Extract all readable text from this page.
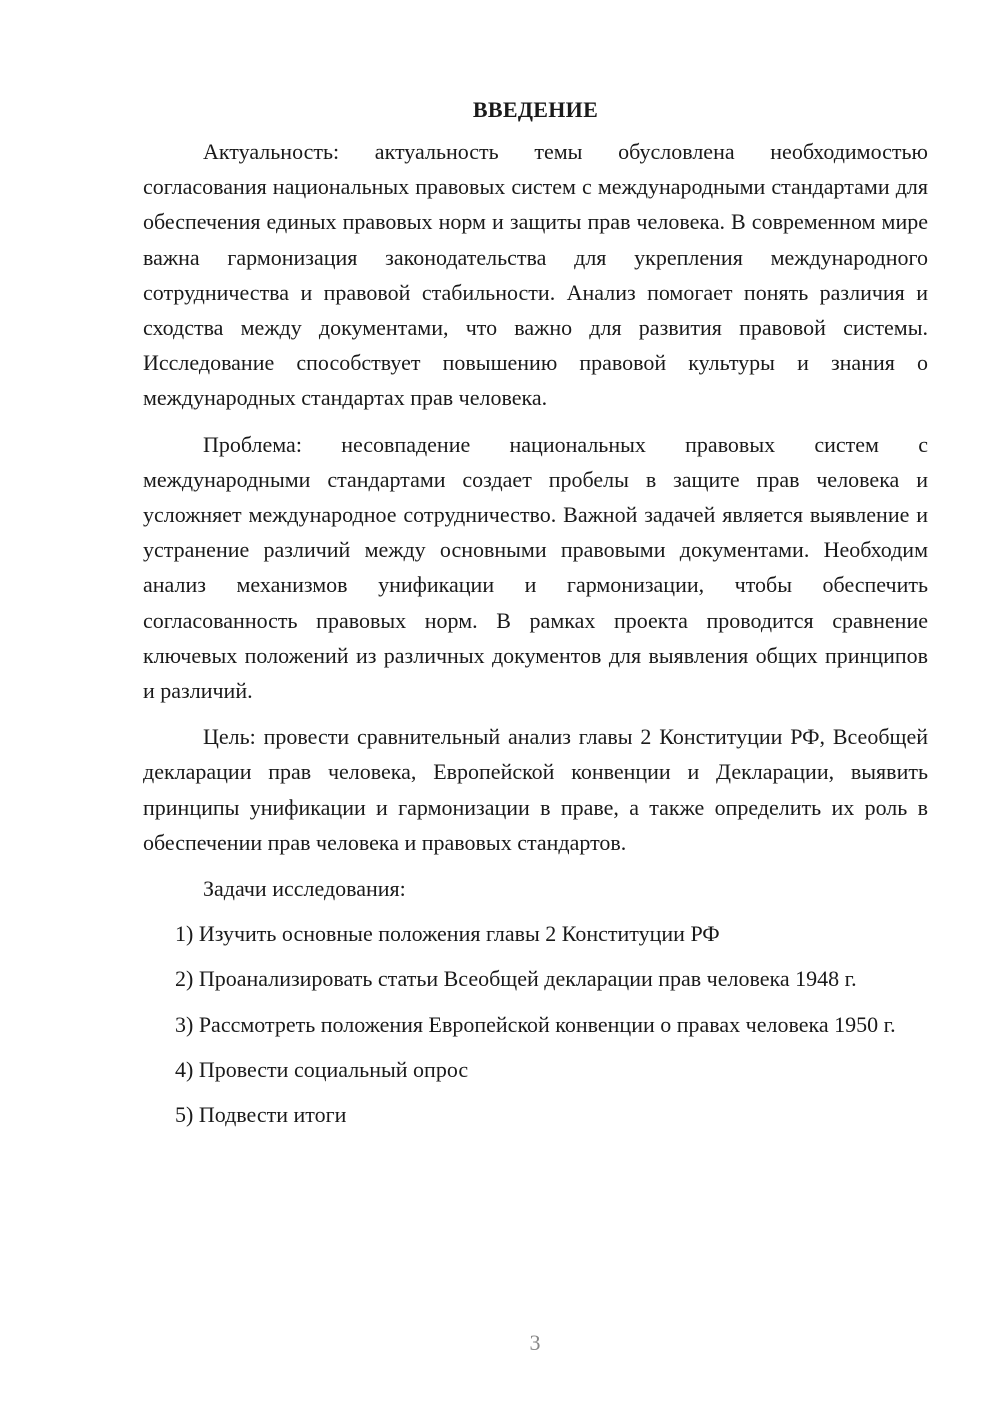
ВВЕДЕНИЕ

Актуальность: актуальность темы обусловлена необходимостью согласования национальных правовых систем с международными стандартами для обеспечения единых правовых норм и защиты прав человека. В современном мире важна гармонизация законодательства для укрепления международного сотрудничества и правовой стабильности. Анализ помогает понять различия и сходства между документами, что важно для развития правовой системы. Исследование способствует повышению правовой культуры и знания о международных стандартах прав человека.

Проблема: несовпадение национальных правовых систем с международными стандартами создает пробелы в защите прав человека и усложняет международное сотрудничество. Важной задачей является выявление и устранение различий между основными правовыми документами. Необходим анализ механизмов унификации и гармонизации, чтобы обеспечить согласованность правовых норм. В рамках проекта проводится сравнение ключевых положений из различных документов для выявления общих принципов и различий.

Цель: провести сравнительный анализ главы 2 Конституции РФ, Всеобщей декларации прав человека, Европейской конвенции и Декларации, выявить принципы унификации и гармонизации в праве, а также определить их роль в обеспечении прав человека и правовых стандартов.

Задачи исследования:

1) Изучить основные положения главы 2 Конституции РФ

2) Проанализировать статьи Всеобщей декларации прав человека 1948 г.

3) Рассмотреть положения Европейской конвенции о правах человека 1950 г.

4) Провести социальный опрос

5) Подвести итоги

3
